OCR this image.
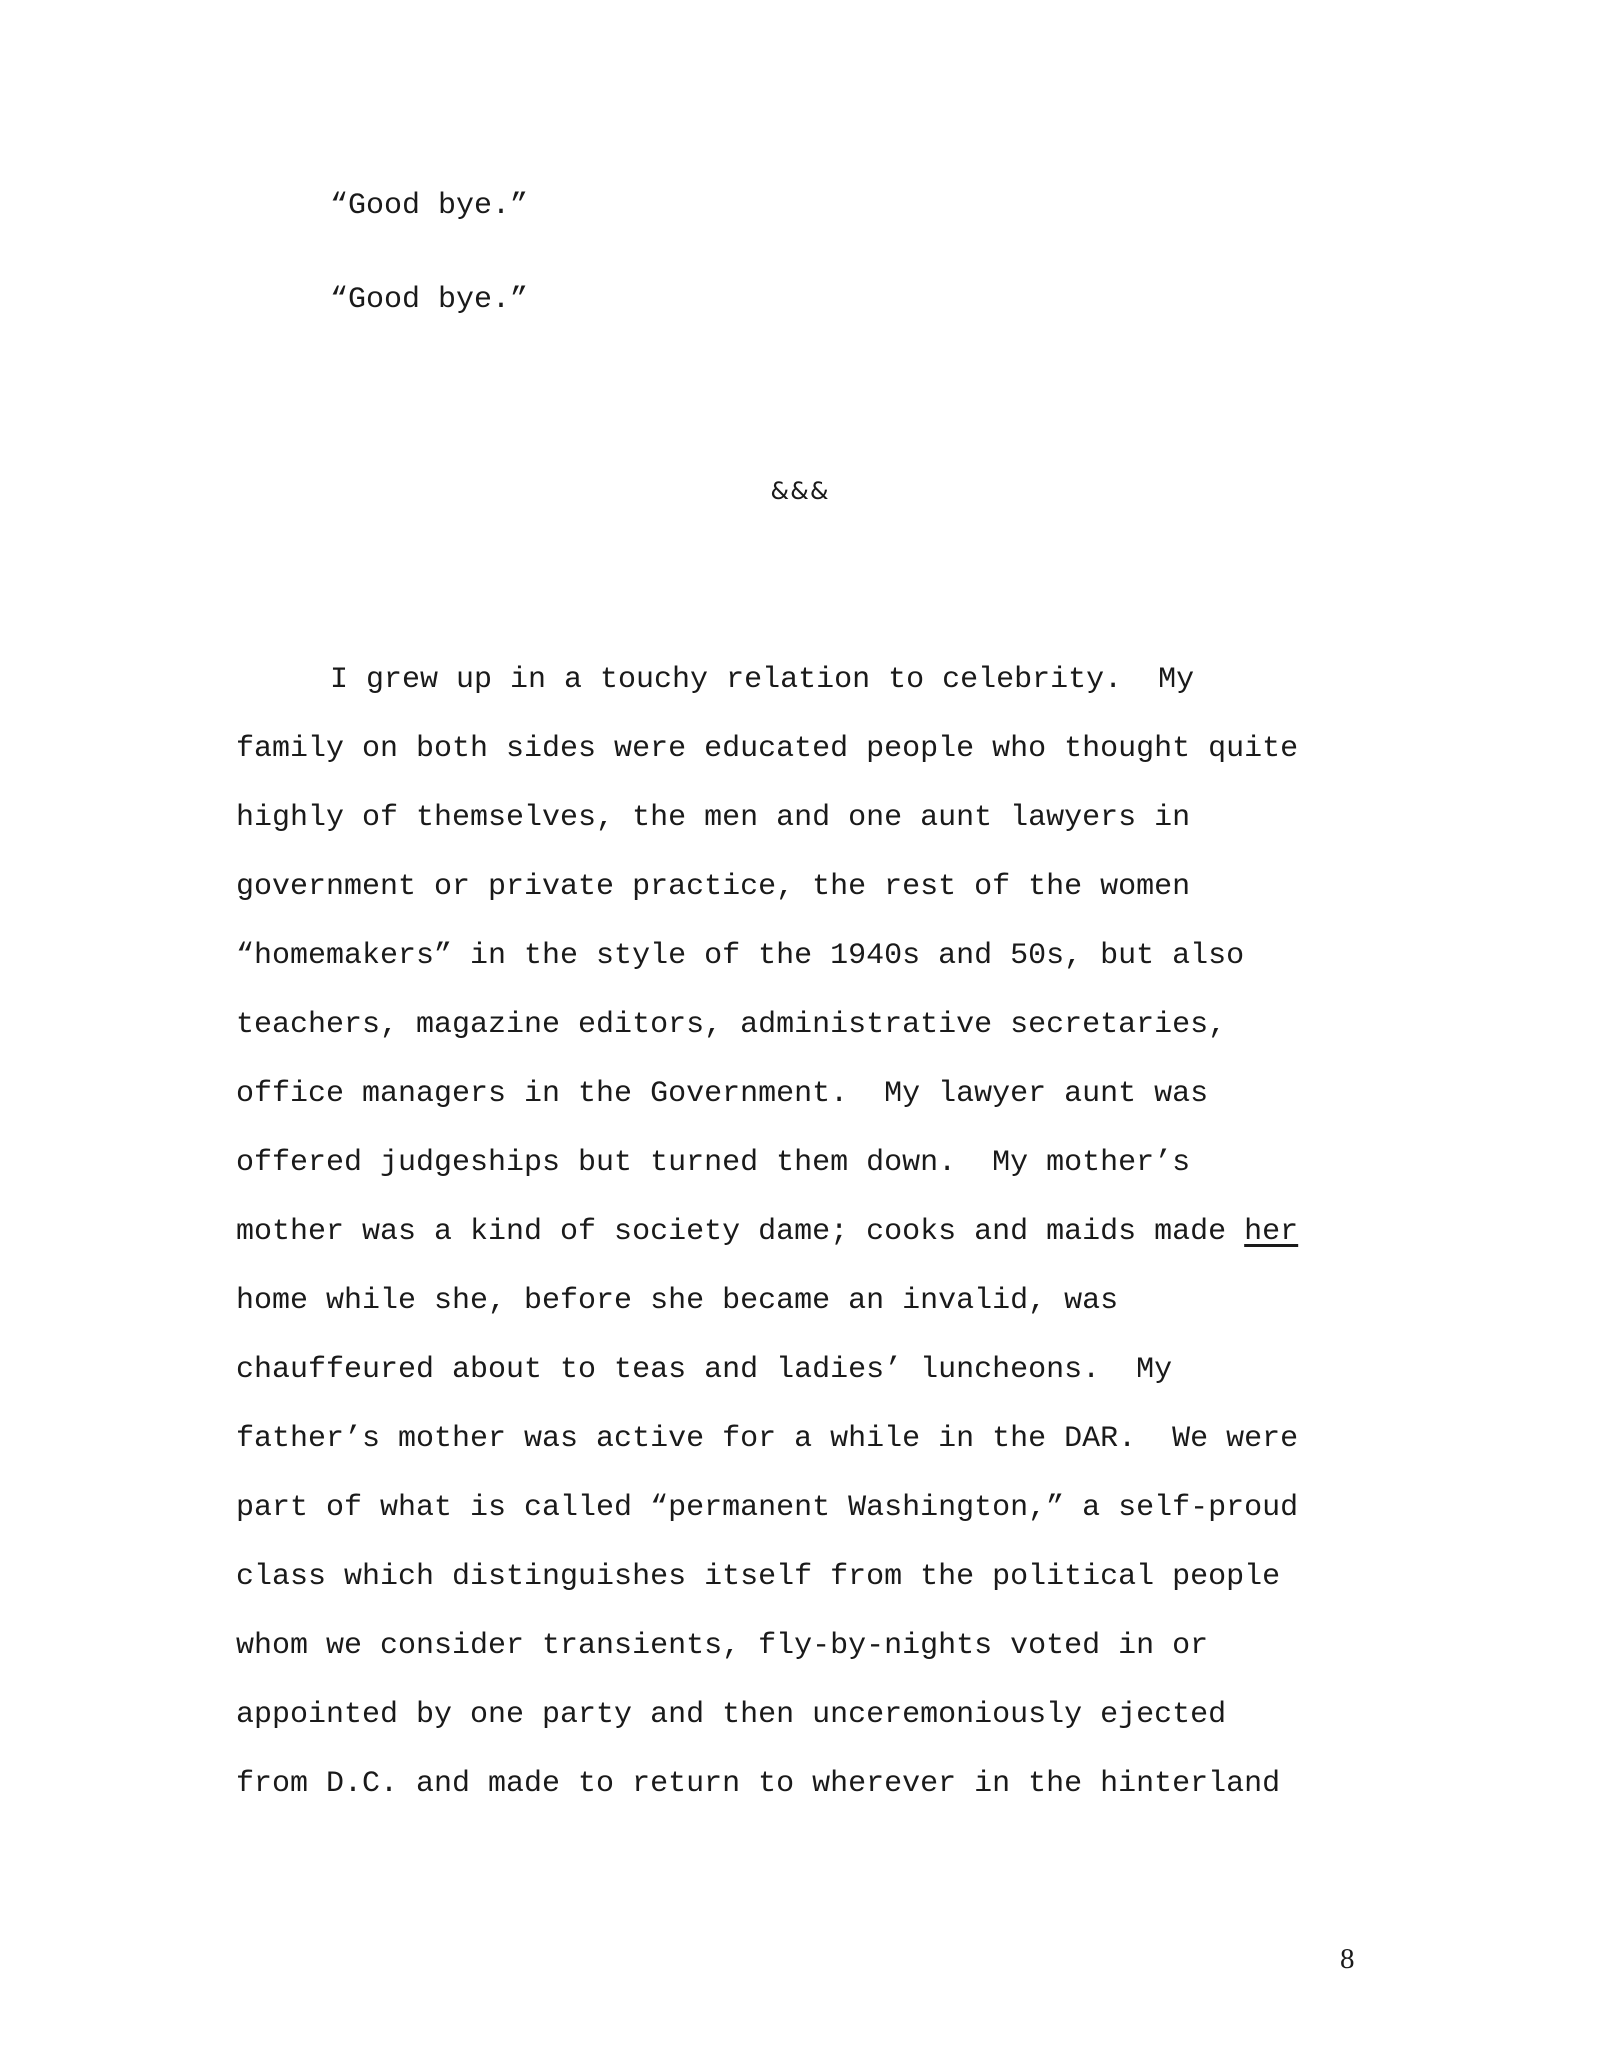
“Good bye.”
“Good bye.”
&&&
I grew up in a touchy relation to celebrity.  My
family on both sides were educated people who thought quite
highly of themselves, the men and one aunt lawyers in
government or private practice, the rest of the women
“homemakers” in the style of the 1940s and 50s, but also
teachers, magazine editors, administrative secretaries,
office managers in the Government.  My lawyer aunt was
offered judgeships but turned them down.  My mother’s
mother was a kind of society dame; cooks and maids made her
home while she, before she became an invalid, was
chauffeured about to teas and ladies’ luncheons.  My
father’s mother was active for a while in the DAR.  We were
part of what is called “permanent Washington,” a self-proud
class which distinguishes itself from the political people
whom we consider transients, fly-by-nights voted in or
appointed by one party and then unceremoniously ejected
from D.C. and made to return to wherever in the hinterland
8
